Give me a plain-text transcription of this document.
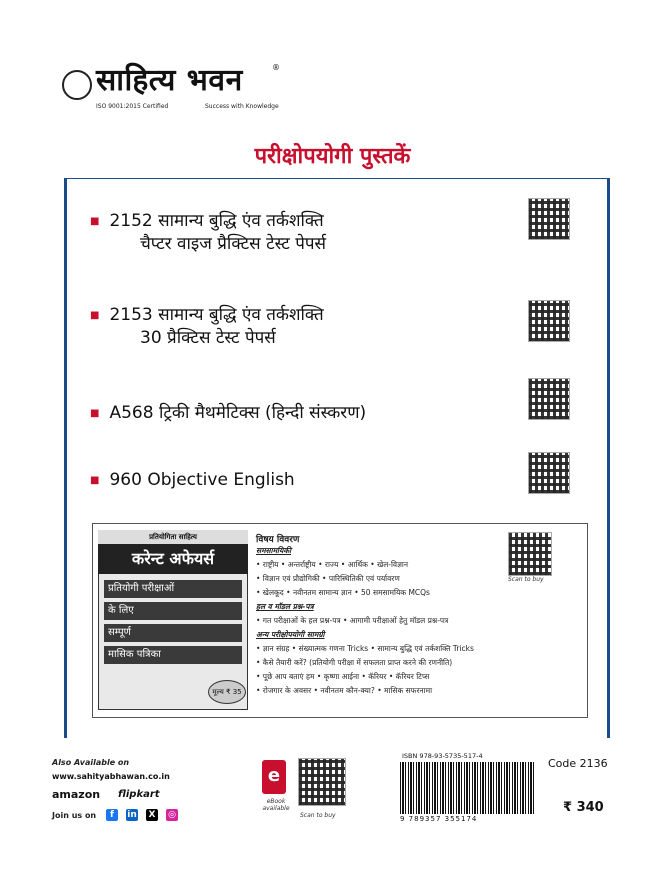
साहित्य भवन	®
ISO 9001:2015 Certified	Success with Knowledge
परीक्षोपयोगी पुस्तकें
■ 2152 सामान्य बुद्धि एंव तर्कशक्ति
चैप्टर वाइज प्रैक्टिस टेस्ट पेपर्स
■ 2153 सामान्य बुद्धि एंव तर्कशक्ति
30 प्रैक्टिस टेस्ट पेपर्स
■ A568 ट्रिकी मैथमेटिक्स (हिन्दी संस्करण)
■ 960 Objective English
प्रतियोगिता साहित्य
करेन्ट अफेयर्स
प्रतियोगी परीक्षाओं
के लिए
सम्पूर्ण
मासिक पत्रिका
मूल्य ₹ 35
विषय विवरण
समसामयिकी
• राष्ट्रीय • अन्तर्राष्ट्रीय • राज्य • आर्थिक • खेल-विज्ञान
• विज्ञान एवं प्रौद्योगिकी • पारिस्थितिकी एवं पर्यावरण
• खेलकूद • नवीनतम सामान्य ज्ञान • 50 समसामयिक MCQs
हल व मॉडल प्रश्न-पत्र
• गत परीक्षाओं के हल प्रश्न-पत्र • आगामी परीक्षाओं हेतु मॉडल प्रश्न-पत्र
अन्य परीक्षोपयोगी सामग्री
• ज्ञान संग्रह • संख्यात्मक गणना Tricks • सामान्य बुद्धि एवं तर्कशक्ति Tricks
• कैसे तैयारी करें? (प्रतियोगी परीक्षा में सफलता प्राप्त करने की रणनीति)
• पूछे आप बताएं हम • कृष्णा आईना • कॅरियर • कॅरियर टिप्स
• रोजगार के अवसर • नवीनतम कौन-क्या? • मासिक सफरनामा
Scan to buy
Also Available on
www.sahityabhawan.co.in
amazon flipkart
Join us on	f	in X ◎
e
eBook available
Scan to buy
ISBN 978-93-5735-517-4
9 789357 355174
Code 2136
₹ 340
